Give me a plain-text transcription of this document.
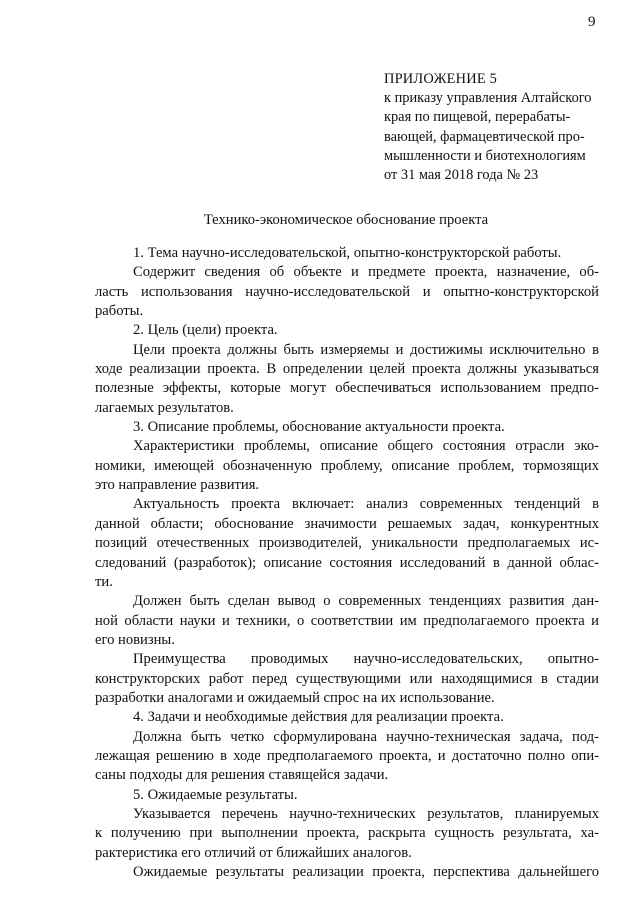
9
ПРИЛОЖЕНИЕ 5
к приказу управления Алтайского
края по пищевой, перерабаты-
вающей, фармацевтической про-
мышленности и биотехнологиям
от 31 мая 2018 года № 23
Технико-экономическое обоснование проекта
1. Тема научно-исследовательской, опытно-конструкторской работы.
Содержит сведения об объекте и предмете проекта, назначение, об-
ласть использования научно-исследовательской и опытно-конструкторской
работы.
2. Цель (цели) проекта.
Цели проекта должны быть измеряемы и достижимы исключительно в
ходе реализации проекта. В определении целей проекта должны указываться
полезные эффекты, которые могут обеспечиваться использованием предпо-
лагаемых результатов.
3. Описание проблемы, обоснование актуальности проекта.
Характеристики проблемы, описание общего состояния отрасли эко-
номики, имеющей обозначенную проблему, описание проблем, тормозящих
это направление развития.
Актуальность проекта включает: анализ современных тенденций в
данной области; обоснование значимости решаемых задач, конкурентных
позиций отечественных производителей, уникальности предполагаемых ис-
следований (разработок); описание состояния исследований в данной облас-
ти.
Должен быть сделан вывод о современных тенденциях развития дан-
ной области науки и техники, о соответствии им предполагаемого проекта и
его новизны.
Преимущества проводимых научно-исследовательских, опытно-
конструкторских работ перед существующими или находящимися в стадии
разработки аналогами и ожидаемый спрос на их использование.
4. Задачи и необходимые действия для реализации проекта.
Должна быть четко сформулирована научно-техническая задача, под-
лежащая решению в ходе предполагаемого проекта, и достаточно полно опи-
саны подходы для решения ставящейся задачи.
5. Ожидаемые результаты.
Указывается перечень научно-технических результатов, планируемых
к получению при выполнении проекта, раскрыта сущность результата, ха-
рактеристика его отличий от ближайших аналогов.
Ожидаемые результаты реализации проекта, перспектива дальнейшего
